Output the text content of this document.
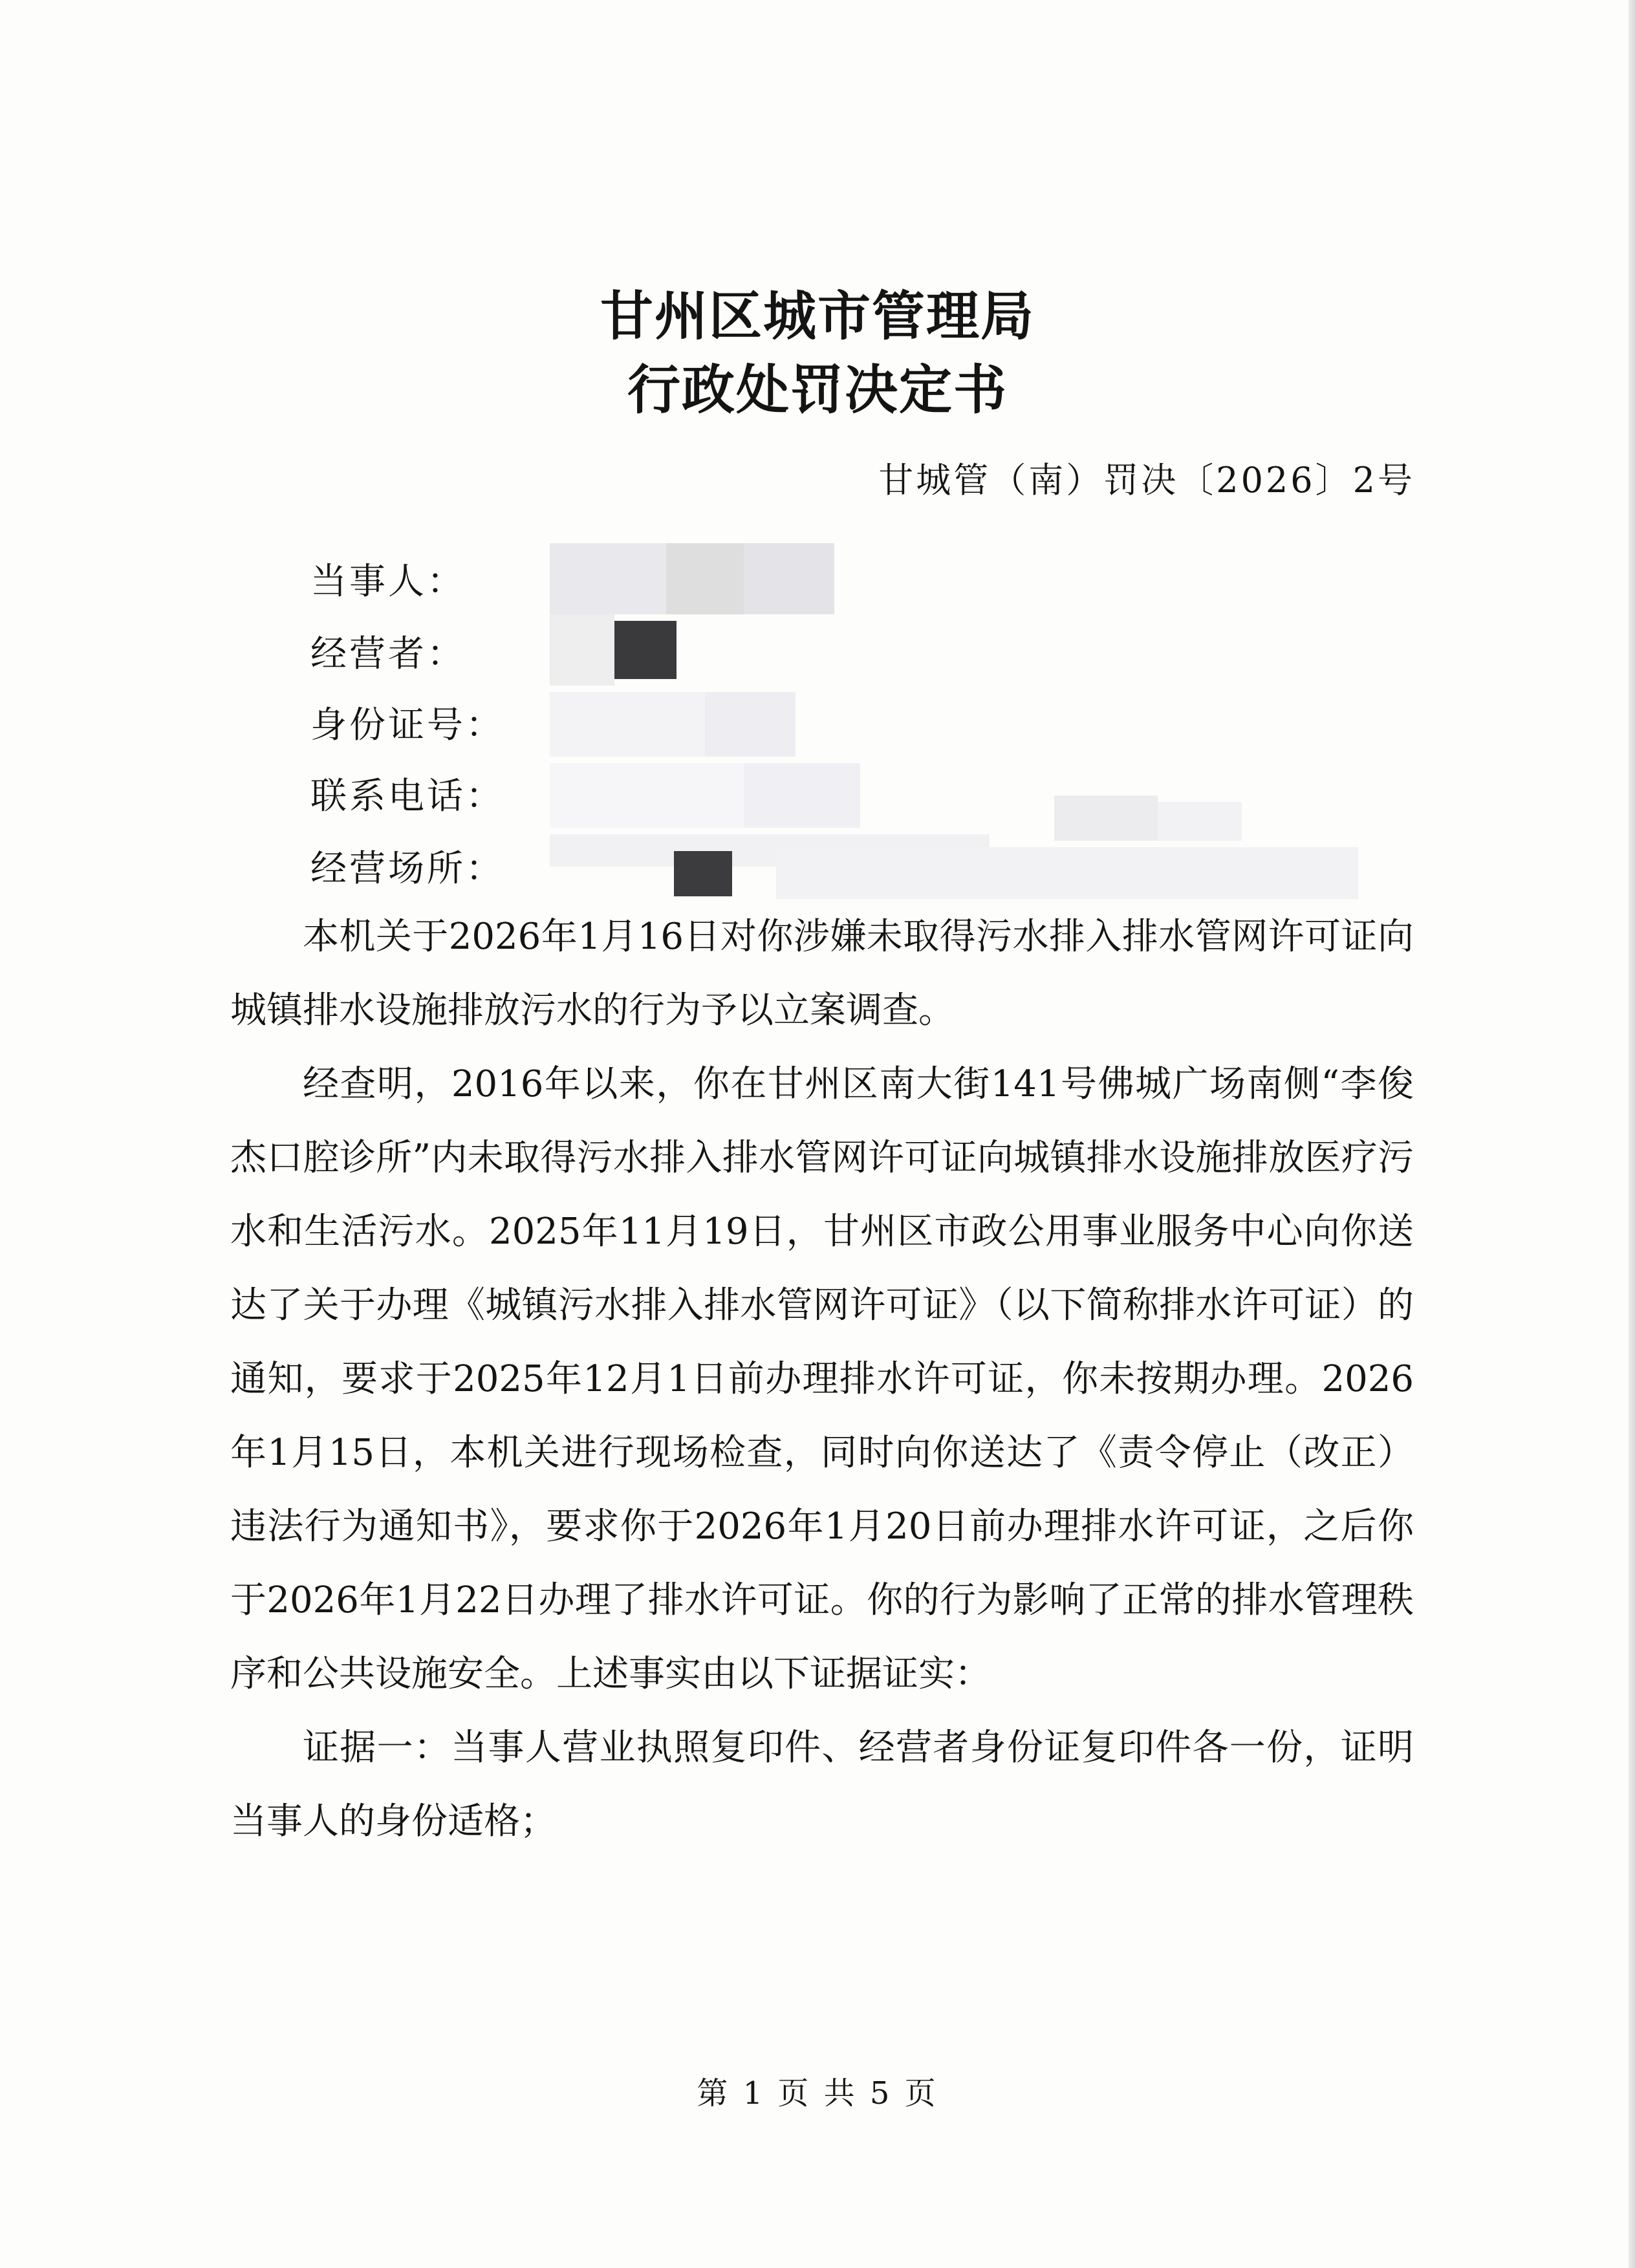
甘州区城市管理局
行政处罚决定书
甘城管（南）罚决〔2026〕2号
当事人：
经营者：
身份证号：
联系电话：
经营场所：

本机关于2026年1月16日对你涉嫌未取得污水排入排水管网许可证向城镇排水设施排放污水的行为予以立案调查。

经查明，2016年以来，你在甘州区南大街141号佛城广场南侧“李俊杰口腔诊所”内未取得污水排入排水管网许可证向城镇排水设施排放医疗污水和生活污水。2025年11月19日，甘州区市政公用事业服务中心向你送达了关于办理《城镇污水排入排水管网许可证》（以下简称排水许可证）的通知，要求于2025年12月1日前办理排水许可证，你未按期办理。2026年1月15日，本机关进行现场检查，同时向你送达了《责令停止（改正）违法行为通知书》，要求你于2026年1月20日前办理排水许可证，之后你于2026年1月22日办理了排水许可证。你的行为影响了正常的排水管理秩序和公共设施安全。上述事实由以下证据证实：

证据一：当事人营业执照复印件、经营者身份证复印件各一份，证明当事人的身份适格；

第 1 页 共 5 页
